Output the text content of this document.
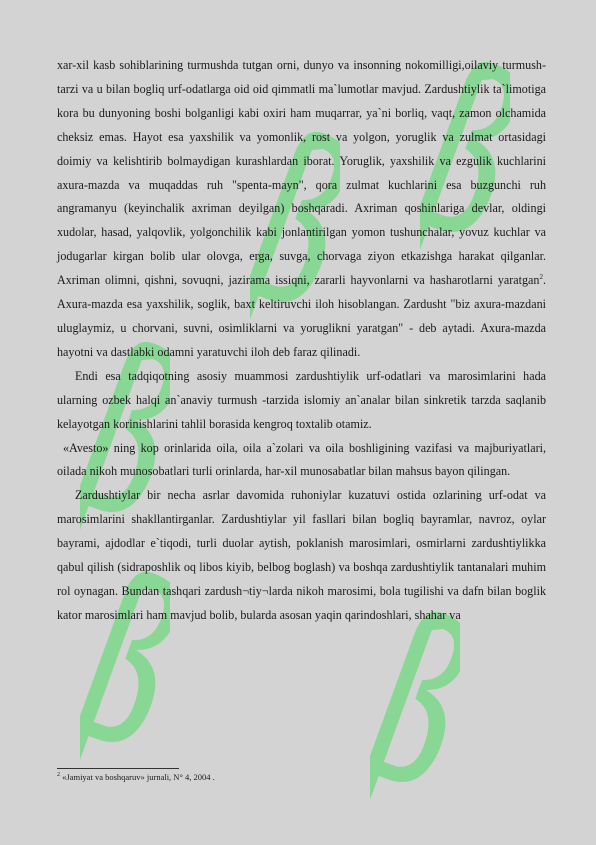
xar-xil kasb sohiblarining turmushda tutgan orni, dunyo va insonning nokomilligi,oilaviy turmush-tarzi va u bilan bogliq urf-odatlarga oid oid qimmatli ma`lumotlar mavjud. Zardushtiylik ta`limotiga kora bu dunyoning boshi bolganligi kabi oxiri ham muqarrar, ya`ni borliq, vaqt, zamon olchamida cheksiz emas. Hayot esa yaxshilik va yomonlik, rost va yolgon, yoruglik va zulmat ortasidagi doimiy va kelishtirib bolmaydigan kurashlardan iborat. Yoruglik, yaxshilik va ezgulik kuchlarini axura-mazda va muqaddas ruh "spenta-mayn", qora zulmat kuchlarini esa buzgunchi ruh angramanyu (keyinchalik axriman deyilgan) boshqaradi. Axriman qoshinlariga devlar, oldingi xudolar, hasad, yalqovlik, yolgonchilik kabi jonlantirilgan yomon tushunchalar, yovuz kuchlar va jodugarlar kirgan bolib ular olovga, erga, suvga, chorvaga ziyon etkazishga harakat qilganlar. Axriman olimni, qishni, sovuqni, jazirama issiqni, zararli hayvonlarni va hasharotlarni yaratgan$^2$. Axura-mazda esa yaxshilik, soglik, baxt keltiruvchi iloh hisoblangan. Zardusht "biz axura-mazdani uluglaymiz, u chorvani, suvni, osimliklarni va yoruglikni yaratgan" - deb aytadi. Axura-mazda hayotni va dastlabki odamni yaratuvchi iloh deb faraz qilinadi.

Endi esa tadqiqotning asosiy muammosi zardushtiylik urf-odatlari va marosimlarini hada ularning ozbek halqi an`anaviy turmush -tarzida islomiy an`analar bilan sinkretik tarzda saqlanib kelayotgan korinishlarini tahlil borasida kengroq toxtalib otamiz.

«Avesto» ning kop orinlarida oila, oila a`zolari va oila boshligining vazifasi va majburiyatlari, oilada nikoh munosobatlari turli orinlarda, har-xil munosabatlar bilan mahsus bayon qilingan.

Zardushtiylar bir necha asrlar davomida ruhoniylar kuzatuvi ostida ozlarining urf-odat va marosimlarini shakllantirganlar. Zardushtiylar yil fasllari bilan bogliq bayramlar, navroz, oylar bayrami, ajdodlar e`tiqodi, turli duolar aytish, poklanish marosimlari, osmirlarni zardushtiylikka qabul qilish (sidraposhlik oq libos kiyib, belbog boglash) va boshqa zardushtiylik tantanalari muhim rol oynagan. Bundan tashqari zardush¬tiy¬larda nikoh marosimi, bola tugilishi va dafn bilan boglik kator marosimlari ham mavjud bolib, bularda asosan yaqin qarindoshlari, shahar va

$^2$ «Jamiyat va boshqaruv» jurnali, N° 4, 2004 .
